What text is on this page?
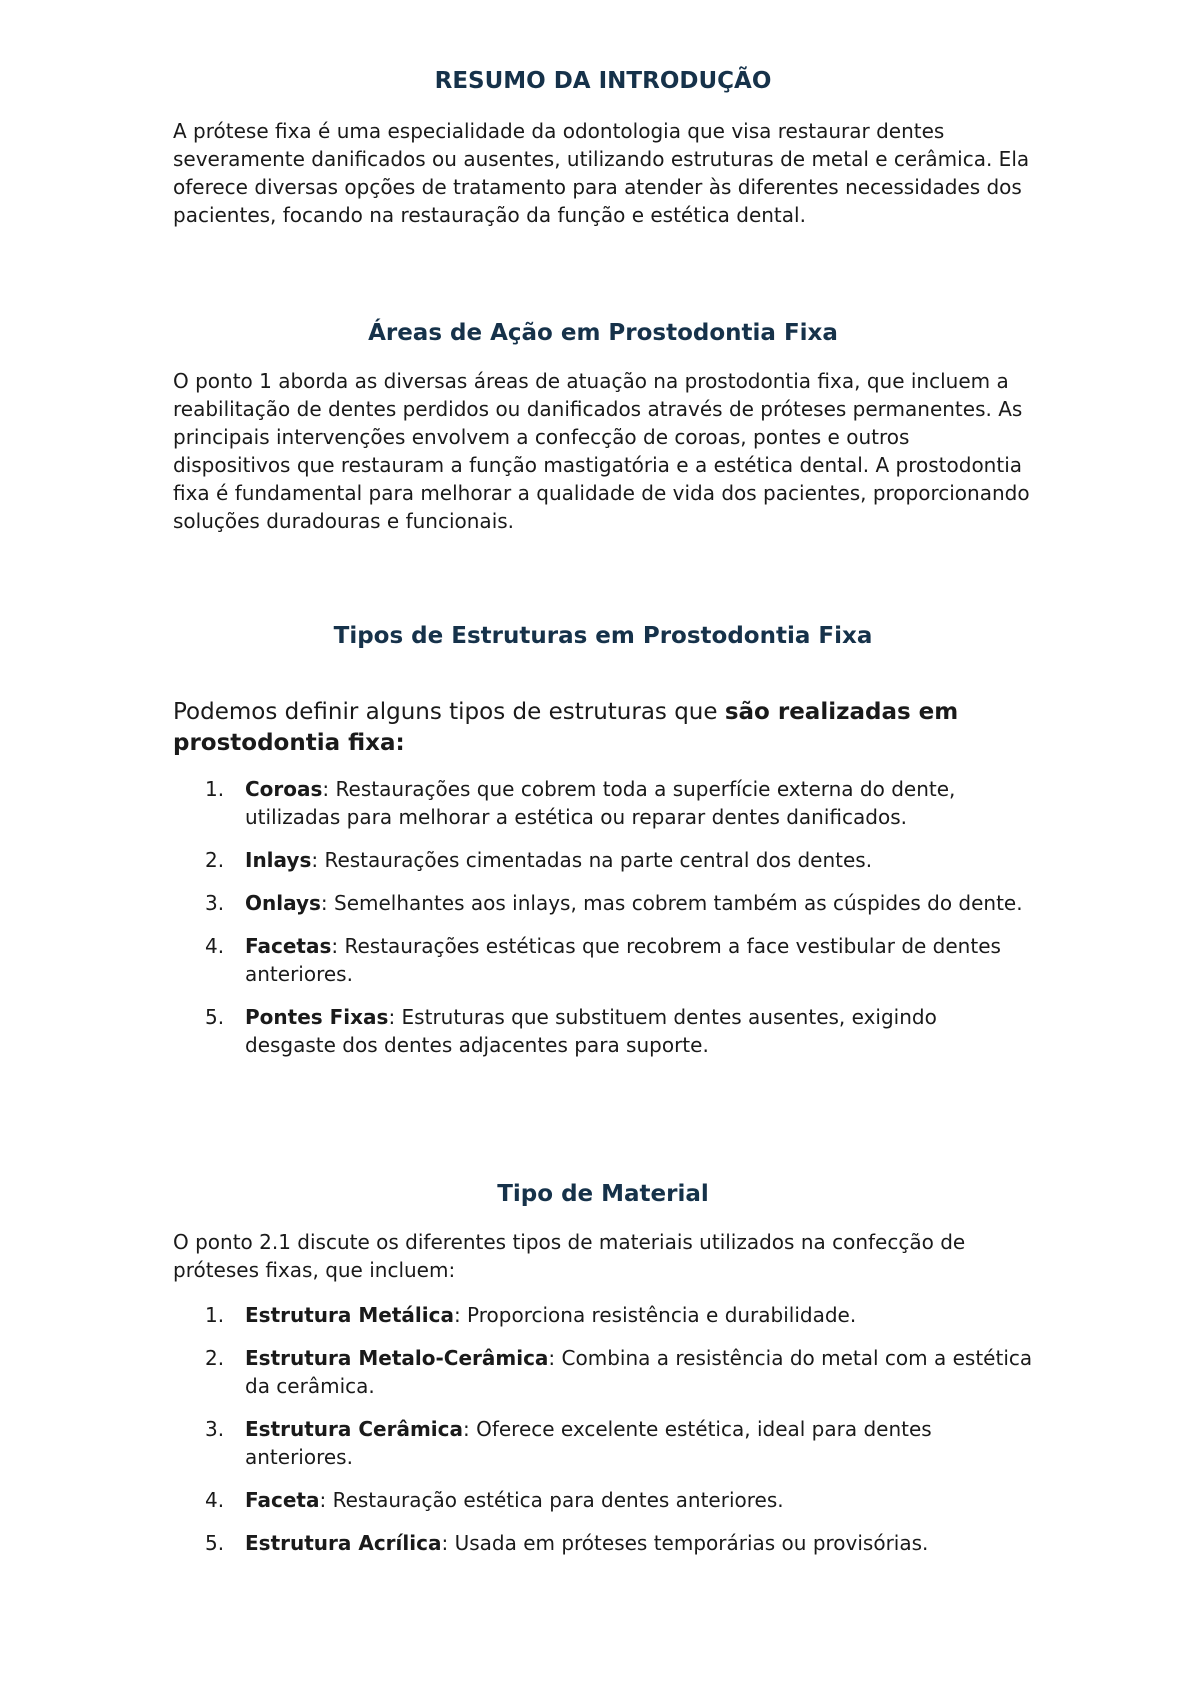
RESUMO DA INTRODUÇÃO

A prótese fixa é uma especialidade da odontologia que visa restaurar dentes severamente danificados ou ausentes, utilizando estruturas de metal e cerâmica. Ela oferece diversas opções de tratamento para atender às diferentes necessidades dos pacientes, focando na restauração da função e estética dental.

Áreas de Ação em Prostodontia Fixa

O ponto 1 aborda as diversas áreas de atuação na prostodontia fixa, que incluem a reabilitação de dentes perdidos ou danificados através de próteses permanentes. As principais intervenções envolvem a confecção de coroas, pontes e outros dispositivos que restauram a função mastigatória e a estética dental. A prostodontia fixa é fundamental para melhorar a qualidade de vida dos pacientes, proporcionando soluções duradouras e funcionais.

Tipos de Estruturas em Prostodontia Fixa

Podemos definir alguns tipos de estruturas que são realizadas em prostodontia fixa:

1. Coroas: Restaurações que cobrem toda a superfície externa do dente, utilizadas para melhorar a estética ou reparar dentes danificados.
2. Inlays: Restaurações cimentadas na parte central dos dentes.
3. Onlays: Semelhantes aos inlays, mas cobrem também as cúspides do dente.
4. Facetas: Restaurações estéticas que recobrem a face vestibular de dentes anteriores.
5. Pontes Fixas: Estruturas que substituem dentes ausentes, exigindo desgaste dos dentes adjacentes para suporte.
Tipo de Material

O ponto 2.1 discute os diferentes tipos de materiais utilizados na confecção de próteses fixas, que incluem:

1. Estrutura Metálica: Proporciona resistência e durabilidade.
2. Estrutura Metalo-Cerâmica: Combina a resistência do metal com a estética da cerâmica.
3. Estrutura Cerâmica: Oferece excelente estética, ideal para dentes anteriores.
4. Faceta: Restauração estética para dentes anteriores.
5. Estrutura Acrílica: Usada em próteses temporárias ou provisórias.
